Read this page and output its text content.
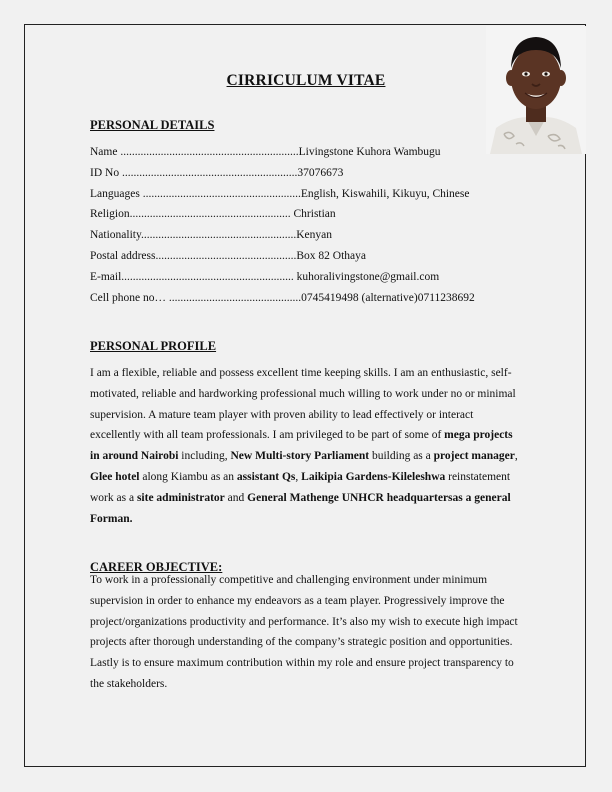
CIRRICULUM VITAE
PERSONAL DETAILS
Name ..............................................................Livingstone Kuhora Wambugu
ID No .............................................................37076673
Languages .......................................................English, Kiswahili, Kikuyu, Chinese
Religion........................................................ Christian
Nationality......................................................Kenyan
Postal address.................................................Box 82 Othaya
E-mail............................................................ kuhoralivingstone@gmail.com
Cell phone no… ..............................................0745419498 (alternative)0711238692
PERSONAL PROFILE
I am a flexible, reliable and possess excellent time keeping skills. I am an enthusiastic, self-motivated, reliable and hardworking professional much willing to work under no or minimal supervision. A mature team player with proven ability to lead effectively or interact excellently with all team professionals. I am privileged to be part of some of mega projects in around Nairobi including, New Multi-story Parliament building as a project manager, Glee hotel along Kiambu as an assistant Qs, Laikipia Gardens-Kileleshwa reinstatement work as a site administrator and General Mathenge UNHCR headquartersas a general Forman.
CAREER OBJECTIVE:
To work in a professionally competitive and challenging environment under minimum supervision in order to enhance my endeavors as a team player. Progressively improve the project/organizations productivity and performance. It’s also my wish to execute high impact projects after thorough understanding of the company’s strategic position and opportunities. Lastly is to ensure maximum contribution within my role and ensure project transparency to the stakeholders.
